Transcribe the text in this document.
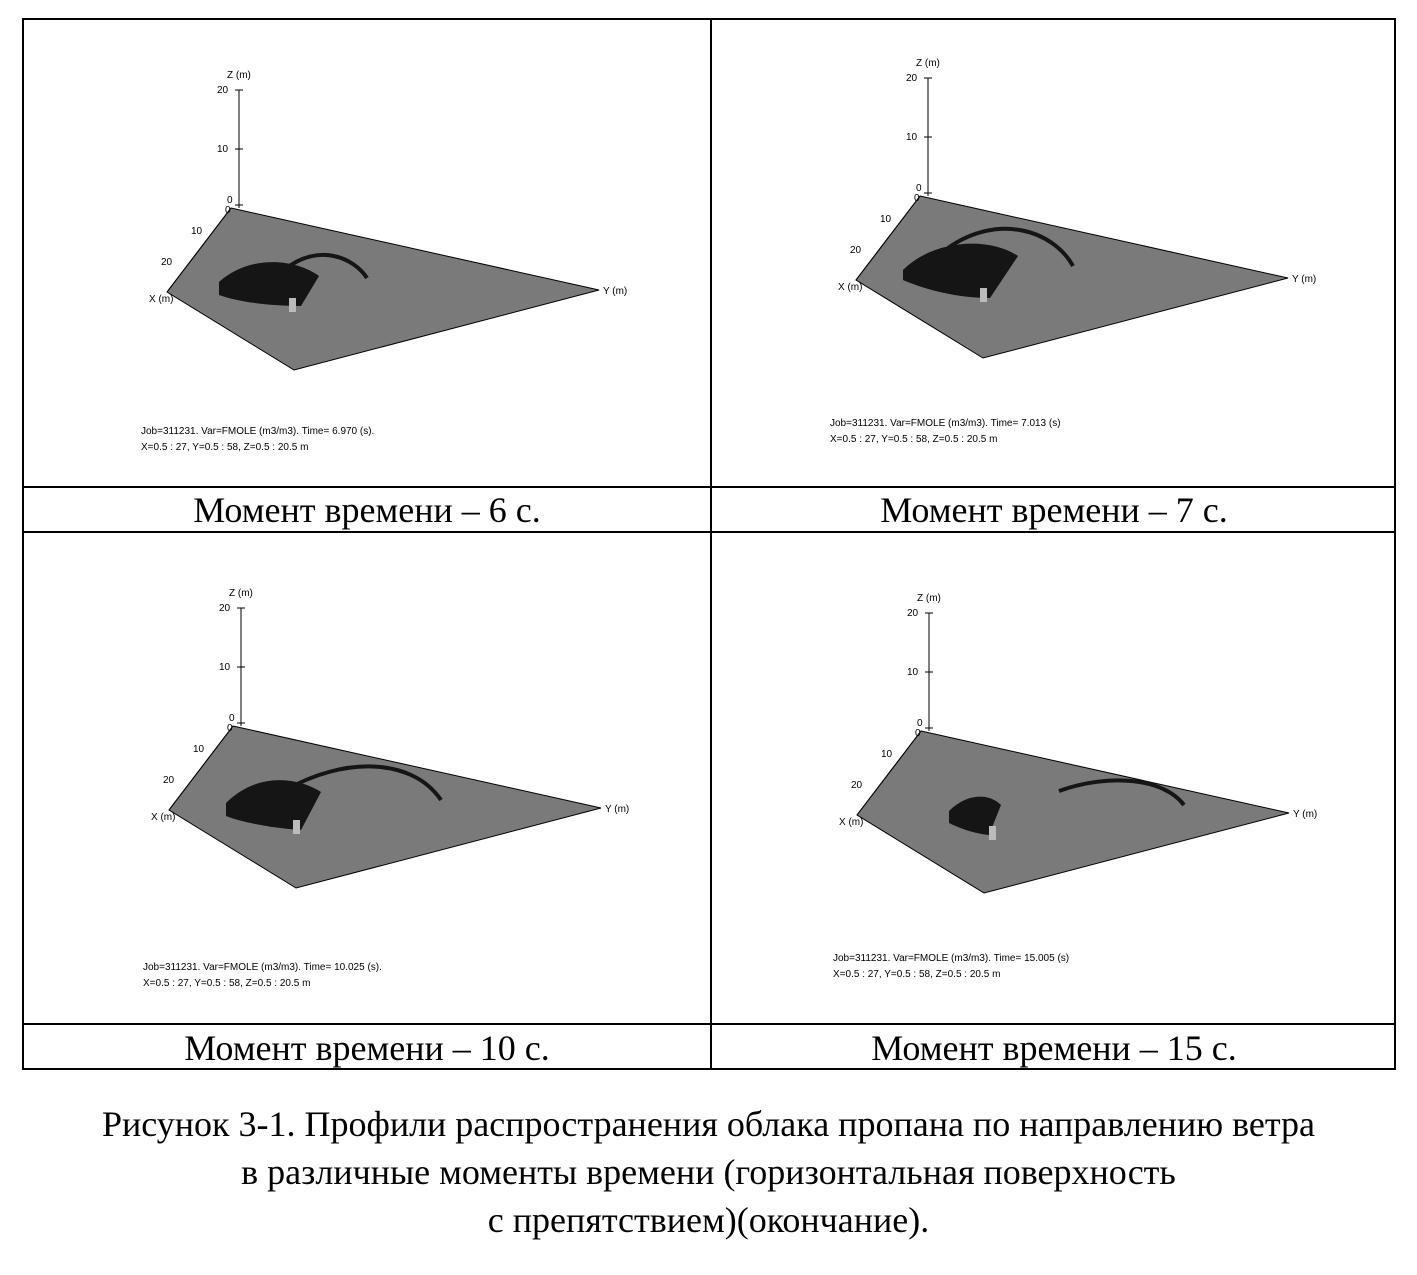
Z (m)
20
10
0
0
10
20
X (m)
Y (m)
Job=311231. Var=FMOLE (m3/m3). Time= 6.970 (s).
X=0.5 : 27, Y=0.5 : 58, Z=0.5 : 20.5 m
Z (m)
20
10
0
0
10
20
X (m)
Y (m)
Job=311231. Var=FMOLE (m3/m3). Time= 7.013 (s)
X=0.5 : 27, Y=0.5 : 58, Z=0.5 : 20.5 m
Момент времени – 6 с.	Момент времени – 7 с.
Z (m)
20
10
0
0
10
20
X (m)
Y (m)
Job=311231. Var=FMOLE (m3/m3). Time= 10.025 (s).
X=0.5 : 27, Y=0.5 : 58, Z=0.5 : 20.5 m
Z (m)
20
10
0
0
10
20
X (m)
Y (m)
Job=311231. Var=FMOLE (m3/m3). Time= 15.005 (s)
X=0.5 : 27, Y=0.5 : 58, Z=0.5 : 20.5 m
Момент времени – 10 с.	Момент времени – 15 с.
Рисунок 3-1. Профили распространения облака пропана по направлению ветра
в различные моменты времени (горизонтальная поверхность
с препятствием)(окончание).
